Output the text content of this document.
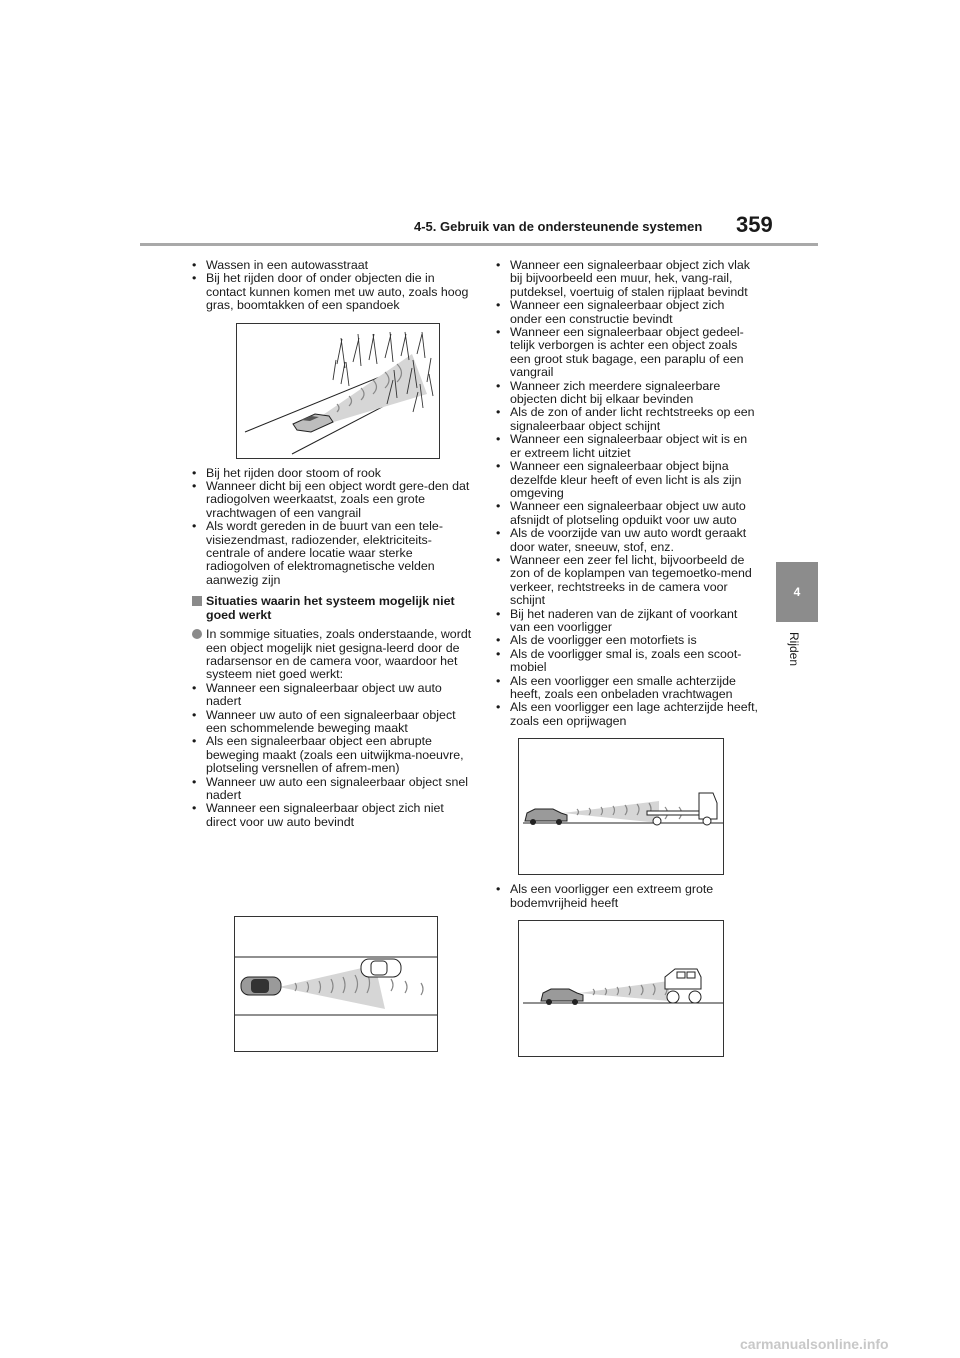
4-5. Gebruik van de ondersteunende systemen 359
4
Rijden

• Wassen in een autowasstraat

• Bij het rijden door of onder objecten die in contact kunnen komen met uw auto, zoals hoog gras, boomtakken of een spandoek

• Bij het rijden door stoom of rook

• Wanneer dicht bij een object wordt gere-den dat radiogolven weerkaatst, zoals een grote vrachtwagen of een vangrail

• Als wordt gereden in de buurt van een tele-visiezendmast, radiozender, elektriciteits-centrale of andere locatie waar sterke radiogolven of elektromagnetische velden aanwezig zijn

Situaties waarin het systeem mogelijk niet goed werkt

In sommige situaties, zoals onderstaande, wordt een object mogelijk niet gesigna-leerd door de radarsensor en de camera voor, waardoor het systeem niet goed werkt:

• Wanneer een signaleerbaar object uw auto nadert

• Wanneer uw auto of een signaleerbaar object een schommelende beweging maakt

• Als een signaleerbaar object een abrupte beweging maakt (zoals een uitwijkma-noeuvre, plotseling versnellen of afrem-men)

• Wanneer uw auto een signaleerbaar object snel nadert

• Wanneer een signaleerbaar object zich niet direct voor uw auto bevindt

• Wanneer een signaleerbaar object zich vlak bij bijvoorbeeld een muur, hek, vang-rail, putdeksel, voertuig of stalen rijplaat bevindt

• Wanneer een signaleerbaar object zich onder een constructie bevindt

• Wanneer een signaleerbaar object gedeel-telijk verborgen is achter een object zoals een groot stuk bagage, een paraplu of een vangrail

• Wanneer zich meerdere signaleerbare objecten dicht bij elkaar bevinden

• Als de zon of ander licht rechtstreeks op een signaleerbaar object schijnt

• Wanneer een signaleerbaar object wit is en er extreem licht uitziet

• Wanneer een signaleerbaar object bijna dezelfde kleur heeft of even licht is als zijn omgeving

• Wanneer een signaleerbaar object uw auto afsnijdt of plotseling opduikt voor uw auto

• Als de voorzijde van uw auto wordt geraakt door water, sneeuw, stof, enz.

• Wanneer een zeer fel licht, bijvoorbeeld de zon of de koplampen van tegemoetko-mend verkeer, rechtstreeks in de camera voor schijnt

• Bij het naderen van de zijkant of voorkant van een voorligger

• Als de voorligger een motorfiets is

• Als de voorligger smal is, zoals een scoot-mobiel

• Als een voorligger een smalle achterzijde heeft, zoals een onbeladen vrachtwagen

• Als een voorligger een lage achterzijde heeft, zoals een oprijwagen

• Als een voorligger een extreem grote bodemvrijheid heeft

carmanualsonline.info
